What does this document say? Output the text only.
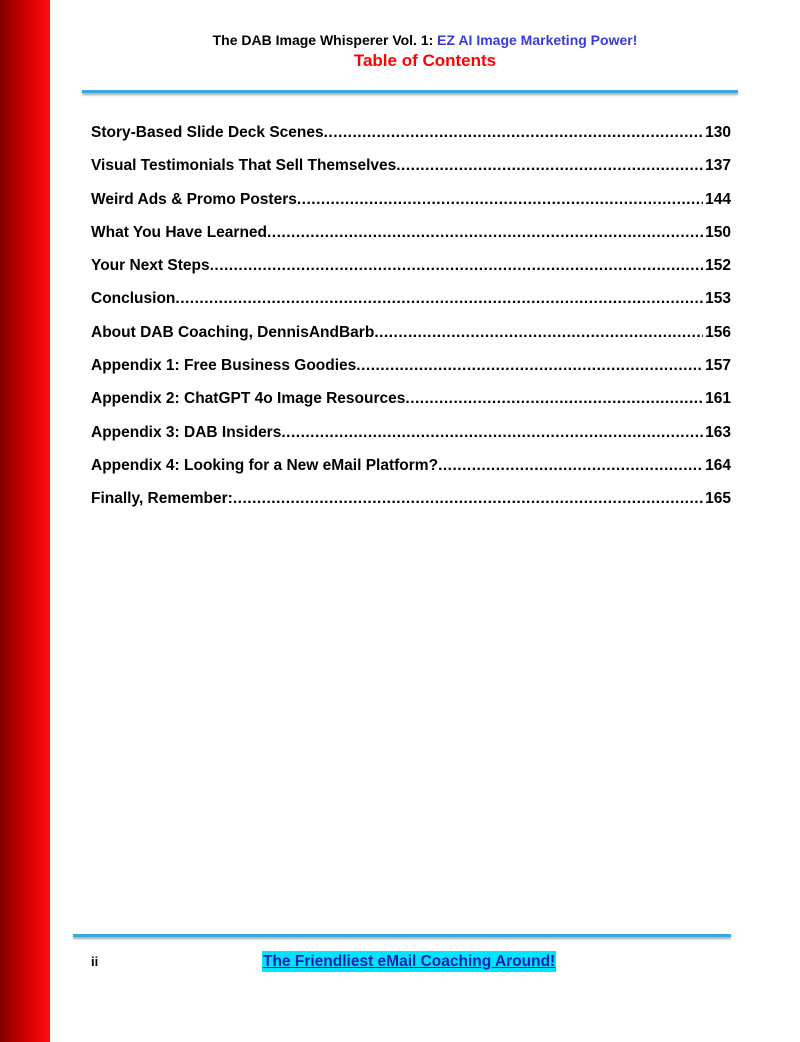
The DAB Image Whisperer Vol. 1: EZ AI Image Marketing Power!
Table of Contents
Story-Based Slide Deck Scenes .....	130
Visual Testimonials That Sell Themselves .....	137
Weird Ads & Promo Posters .....	144
What You Have Learned .....	150
Your Next Steps .....	152
Conclusion .....	153
About DAB Coaching, DennisAndBarb .....	156
Appendix 1: Free Business Goodies .....	157
Appendix 2: ChatGPT 4o Image Resources .....	161
Appendix 3: DAB Insiders .....	163
Appendix 4: Looking for a New eMail Platform? .....	164
Finally, Remember: .....	165
ii	The Friendliest eMail Coaching Around!
